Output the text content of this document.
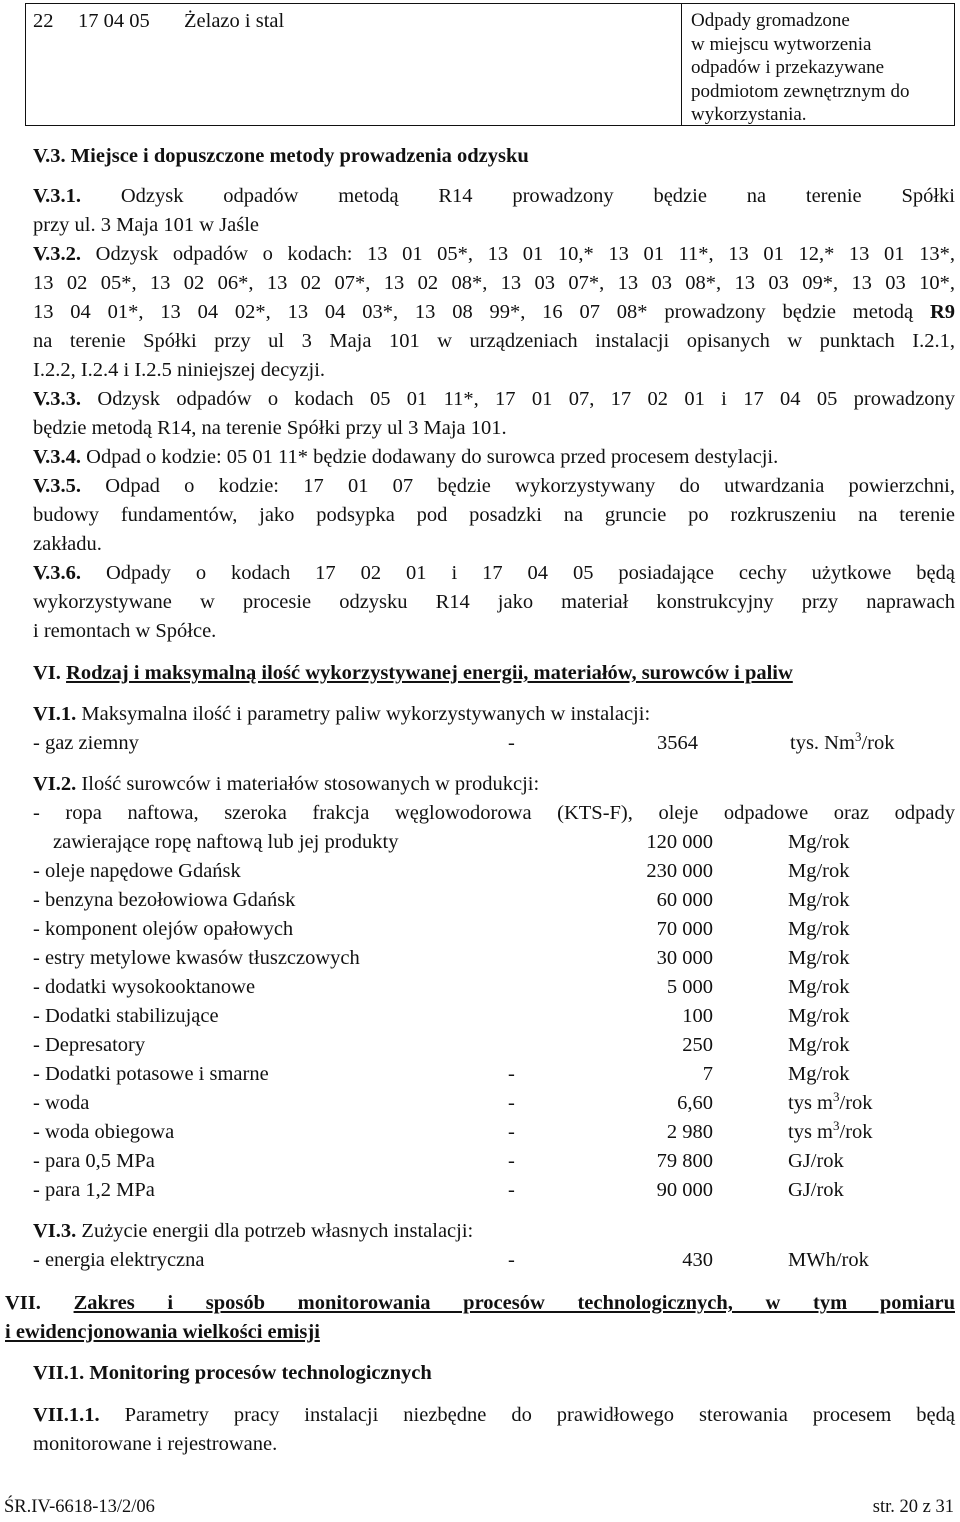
22 17 04 05 Żelazo i stal	Odpady gromadzone
w miejscu wytworzenia
odpadów i przekazywane
podmiotom zewnętrznym do
wykorzystania.
V.3. Miejsce i dopuszczone metody prowadzenia odzysku
V.3.1. Odzysk odpadów metodą R14 prowadzony będzie na terenie Spółki
przy ul. 3 Maja 101 w Jaśle
V.3.2. Odzysk odpadów o kodach: 13 01 05*, 13 01 10,* 13 01 11*, 13 01 12,* 13 01 13*,
13 02 05*, 13 02 06*, 13 02 07*, 13 02 08*, 13 03 07*, 13 03 08*, 13 03 09*, 13 03 10*,
13 04 01*, 13 04 02*, 13 04 03*, 13 08 99*, 16 07 08* prowadzony będzie metodą R9
na terenie Spółki przy ul 3 Maja 101 w urządzeniach instalacji opisanych w punktach I.2.1,
I.2.2, I.2.4 i I.2.5 niniejszej decyzji.
V.3.3. Odzysk odpadów o kodach 05 01 11*, 17 01 07, 17 02 01 i 17 04 05 prowadzony
będzie metodą R14, na terenie Spółki przy ul 3 Maja 101.
V.3.4. Odpad o kodzie: 05 01 11* będzie dodawany do surowca przed procesem destylacji.
V.3.5. Odpad o kodzie: 17 01 07 będzie wykorzystywany do utwardzania powierzchni,
budowy fundamentów, jako podsypka pod posadzki na gruncie po rozkruszeniu na terenie
zakładu.
V.3.6. Odpady o kodach 17 02 01 i 17 04 05 posiadające cechy użytkowe będą
wykorzystywane w procesie odzysku R14 jako materiał konstrukcyjny przy naprawach
i remontach w Spółce.
VI. Rodzaj i maksymalną ilość wykorzystywanej energii, materiałów, surowców i paliw
VI.1. Maksymalna ilość i parametry paliw wykorzystywanych w instalacji:
- gaz ziemny	-	3564	tys. Nm$^3$/rok
VI.2. Ilość surowców i materiałów stosowanych w produkcji:
- ropa naftowa, szeroka frakcja węglowodorowa (KTS-F), oleje odpadowe oraz odpady
zawierające ropę naftową lub jej produkty	120 000	Mg/rok
- oleje napędowe Gdańsk	230 000	Mg/rok
- benzyna bezołowiowa Gdańsk	60 000	Mg/rok
- komponent olejów opałowych	70 000	Mg/rok
- estry metylowe kwasów tłuszczowych	30 000	Mg/rok
- dodatki wysokooktanowe	5 000	Mg/rok
- Dodatki stabilizujące	100	Mg/rok
- Depresatory	250	Mg/rok
- Dodatki potasowe i smarne	-	7	Mg/rok
- woda	-	6,60	tys $m^3$/rok
- woda obiegowa	-	2 980	tys $m^3$/rok
- para 0,5 MPa	-	79 800	GJ/rok
- para 1,2 MPa	-	90 000	GJ/rok
VI.3. Zużycie energii dla potrzeb własnych instalacji:
- energia elektryczna	-	430	MWh/rok
VII. Zakres i sposób monitorowania procesów technologicznych, w tym pomiaru
i ewidencjonowania wielkości emisji
VII.1. Monitoring procesów technologicznych
VII.1.1. Parametry pracy instalacji niezbędne do prawidłowego sterowania procesem będą
monitorowane i rejestrowane.
ŚR.IV-6618-13/2/06	str. 20 z 31
